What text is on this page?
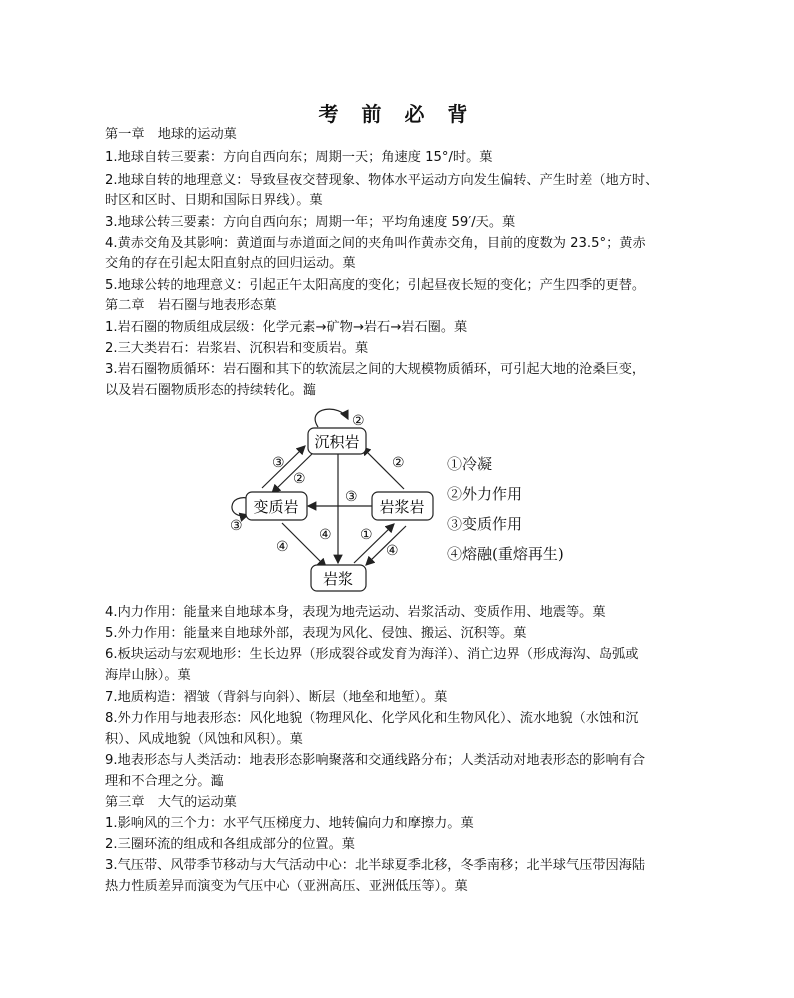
考 前 必 背
第一章　地球的运动菓
1.地球自转三要素：方向自西向东；周期一天；角速度 15°/时。菓
2.地球自转的地理意义：导致昼夜交替现象、物体水平运动方向发生偏转、产生时差（地方时、
时区和区时、日期和国际日界线）。菓
3.地球公转三要素：方向自西向东；周期一年；平均角速度 59′/天。菓
4.黄赤交角及其影响：黄道面与赤道面之间的夹角叫作黄赤交角，目前的度数为 23.5°；黄赤
交角的存在引起太阳直射点的回归运动。菓
5.地球公转的地理意义：引起正午太阳高度的变化；引起昼夜长短的变化；产生四季的更替。
第二章　岩石圈与地表形态菓
1.岩石圈的物质组成层级：化学元素→矿物→岩石→岩石圈。菓
2.三大类岩石：岩浆岩、沉积岩和变质岩。菓
3.岩石圈物质循环：岩石圈和其下的软流层之间的大规模物质循环，可引起大地的沧桑巨变，
以及岩石圈物质形态的持续转化。瀶
沉积岩
变质岩	岩浆岩
岩浆
②
②
③	②
③
③
④
④ ①
④
①冷凝
②外力作用
③变质作用
④熔融(重熔再生)
4.内力作用：能量来自地球本身，表现为地壳运动、岩浆活动、变质作用、地震等。菓
5.外力作用：能量来自地球外部，表现为风化、侵蚀、搬运、沉积等。菓
6.板块运动与宏观地形：生长边界（形成裂谷或发育为海洋）、消亡边界（形成海沟、岛弧或
海岸山脉）。菓
7.地质构造：褶皱（背斜与向斜）、断层（地垒和地堑）。菓
8.外力作用与地表形态：风化地貌（物理风化、化学风化和生物风化）、流水地貌（水蚀和沉
积）、风成地貌（风蚀和风积）。菓
9.地表形态与人类活动：地表形态影响聚落和交通线路分布；人类活动对地表形态的影响有合
理和不合理之分。瀶
第三章　大气的运动菓
1.影响风的三个力：水平气压梯度力、地转偏向力和摩擦力。菓
2.三圈环流的组成和各组成部分的位置。菓
3.气压带、风带季节移动与大气活动中心：北半球夏季北移，冬季南移；北半球气压带因海陆
热力性质差异而演变为气压中心（亚洲高压、亚洲低压等）。菓
